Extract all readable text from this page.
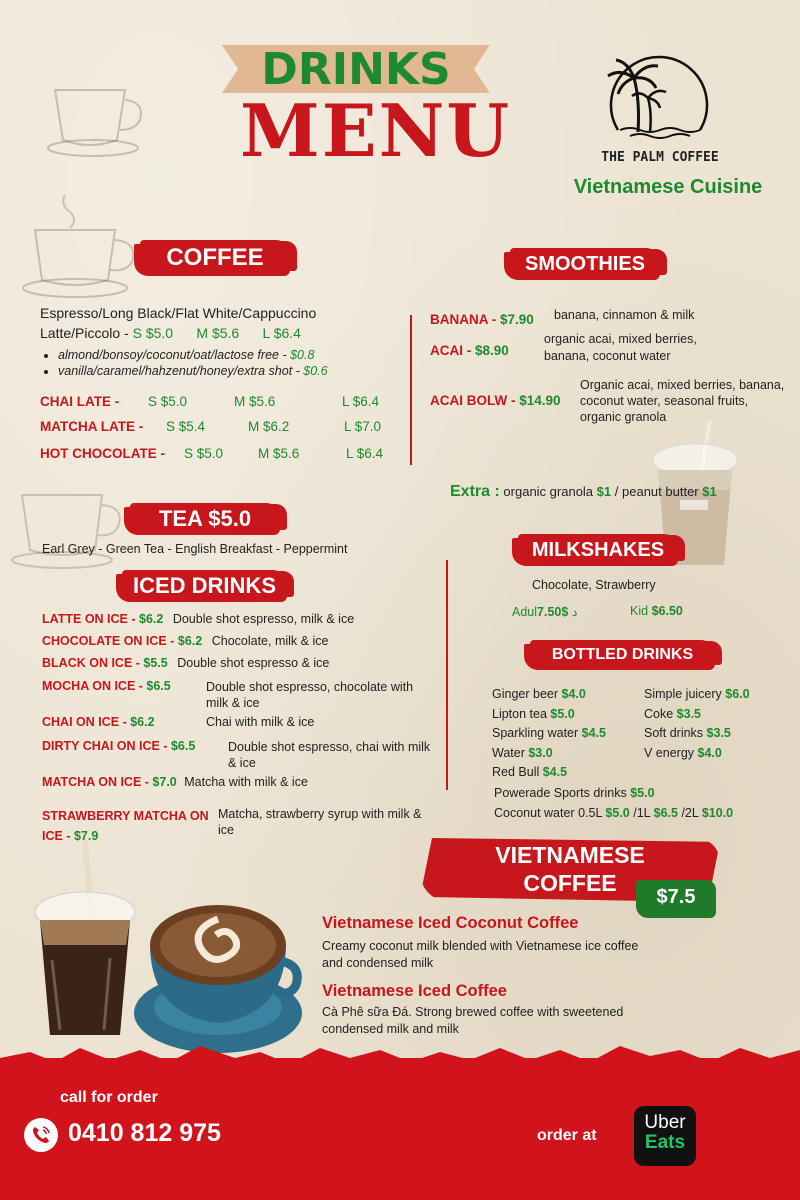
DRINKS
MENU	THE PALM COFFEE
Vietnamese Cuisine
COFFEE
Espresso/Long Black/Flat White/Cappuccino
Latte/Piccolo - S $5.0      M $5.6      L $6.4
• almond/bonsoy/coconut/oat/lactose free - $0.8
• vanilla/caramel/hahzenut/honey/extra shot - $0.6
CHAI LATE - S $5.0	M $5.6	L $6.4
MATCHA LATE - S $5.4	M $6.2	L $7.0
HOT CHOCOLATE - S $5.0	M $5.6	L $6.4
SMOOTHIES
BANANA - $7.90 banana, cinnamon & milk
ACAI - $8.90
organic acai, mixed berries, banana, coconut water
ACAI BOLW - $14.90
Organic acai, mixed berries, banana, coconut water, seasonal fruits, organic granola
Extra : organic granola $1 / peanut butter $1
TEA $5.0
Earl Grey - Green Tea - English Breakfast - Peppermint
ICED DRINKS
LATTE ON ICE - $6.2 Double shot espresso, milk & ice
CHOCOLATE ON ICE - $6.2 Chocolate, milk & ice
BLACK ON ICE - $5.5 Double shot espresso & ice
MOCHA ON ICE - $6.5	Double shot espresso, chocolate with milk & ice
CHAI ON ICE - $6.2	Chai with milk & ice
DIRTY CHAI ON ICE - $6.5	Double shot espresso, chai with milk & ice
MATCHA ON ICE - $7.0 Matcha with milk & ice
STRAWBERRY MATCHA ON ICE - $7.9
Matcha, strawberry syrup with milk & ice
MILKSHAKES
Chocolate, Strawberry
Adulد $7.50	Kid $6.50
BOTTLED DRINKS
Ginger beer $4.0
Lipton tea $5.0
Sparkling water $4.5
Water $3.0
Red Bull $4.5
Simple juicery $6.0
Coke $3.5
Soft drinks $3.5
V energy $4.0
Powerade Sports drinks $5.0
Coconut water 0.5L $5.0 /1L $6.5 /2L $10.0
VIETNAMESE
COFFEE
$7.5
Vietnamese Iced Coconut Coffee
Creamy coconut milk blended with Vietnamese ice coffee and condensed milk
Vietnamese Iced Coffee
Cà Phê sữa Đá. Strong brewed coffee with sweetened condensed milk and milk
call for order
0410 812 975	order at
Uber
Eats
